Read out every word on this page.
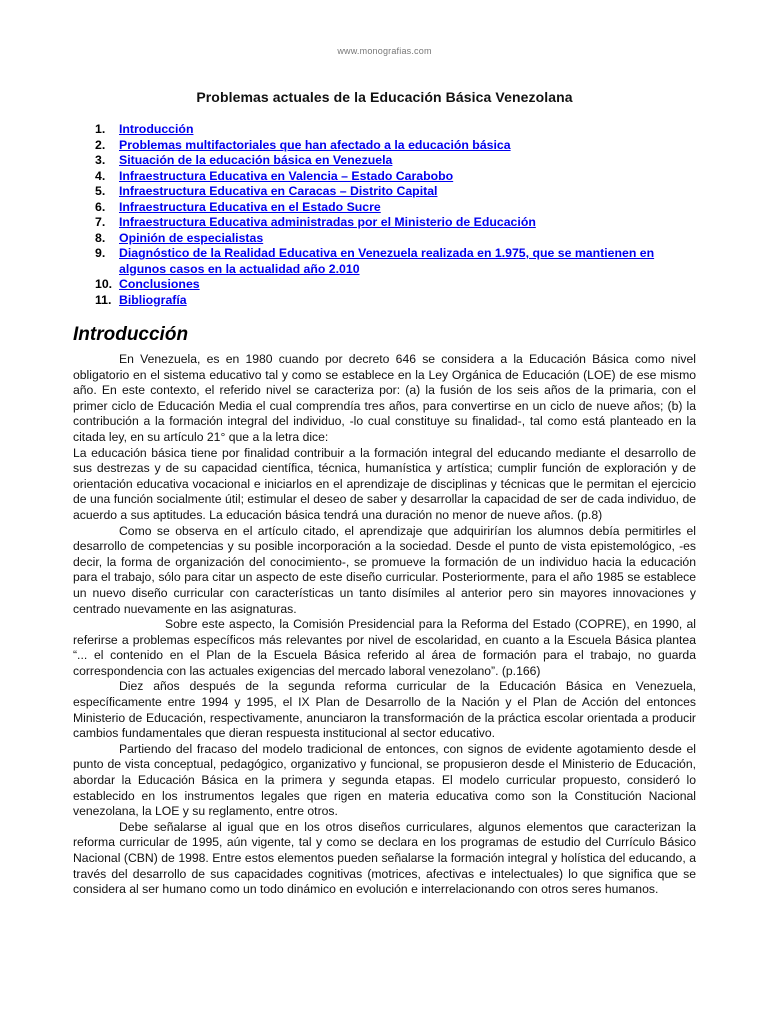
www.monografias.com
Problemas actuales de la Educación Básica Venezolana
1.	Introducción
2.	Problemas multifactoriales que han afectado a la educación básica
3.	Situación de la educación básica en Venezuela
4.	Infraestructura Educativa en Valencia – Estado Carabobo
5.	Infraestructura Educativa en Caracas – Distrito Capital
6.	Infraestructura Educativa en el Estado Sucre
7.	Infraestructura Educativa administradas por el Ministerio de Educación
8.	Opinión de especialistas
9.	Diagnóstico de la Realidad Educativa en Venezuela realizada en 1.975, que se mantienen en algunos casos en la actualidad año 2.010
10. Conclusiones
11. Bibliografía
Introducción

En Venezuela, es en 1980 cuando por decreto 646 se considera a la Educación Básica como nivel obligatorio en el sistema educativo tal y como se establece en la Ley Orgánica de Educación (LOE) de ese mismo año. En este contexto, el referido nivel se caracteriza por: (a) la fusión de los seis años de la primaria, con el primer ciclo de Educación Media el cual comprendía tres años, para convertirse en un ciclo de nueve años; (b) la contribución a la formación integral del individuo, -lo cual constituye su finalidad-, tal como está planteado en la citada ley, en su artículo 21° que a la letra dice:

La educación básica tiene por finalidad contribuir a la formación integral del educando mediante el desarrollo de sus destrezas y de su capacidad científica, técnica, humanística y artística; cumplir función de exploración y de orientación educativa vocacional e iniciarlos en el aprendizaje de disciplinas y técnicas que le permitan el ejercicio de una función socialmente útil; estimular el deseo de saber y desarrollar la capacidad de ser de cada individuo, de acuerdo a sus aptitudes. La educación básica tendrá una duración no menor de nueve años. (p.8)

Como se observa en el artículo citado, el aprendizaje que adquirirían los alumnos debía permitirles el desarrollo de competencias y su posible incorporación a la sociedad. Desde el punto de vista epistemológico, -es decir, la forma de organización del conocimiento-, se promueve la formación de un individuo hacia la educación para el trabajo, sólo para citar un aspecto de este diseño curricular. Posteriormente, para el año 1985 se establece un nuevo diseño curricular con características un tanto disímiles al anterior pero sin mayores innovaciones y centrado nuevamente en las asignaturas.

Sobre este aspecto, la Comisión Presidencial para la Reforma del Estado (COPRE), en 1990, al referirse a problemas específicos más relevantes por nivel de escolaridad, en cuanto a la Escuela Básica plantea “... el contenido en el Plan de la Escuela Básica referido al área de formación para el trabajo, no guarda correspondencia con las actuales exigencias del mercado laboral venezolano”. (p.166)

Diez años después de la segunda reforma curricular de la Educación Básica en Venezuela, específicamente entre 1994 y 1995, el IX Plan de Desarrollo de la Nación y el Plan de Acción del entonces Ministerio de Educación, respectivamente, anunciaron la transformación de la práctica escolar orientada a producir cambios fundamentales que dieran respuesta institucional al sector educativo.

Partiendo del fracaso del modelo tradicional de entonces, con signos de evidente agotamiento desde el punto de vista conceptual, pedagógico, organizativo y funcional, se propusieron desde el Ministerio de Educación, abordar la Educación Básica en la primera y segunda etapas. El modelo curricular propuesto, consideró lo establecido en los instrumentos legales que rigen en materia educativa como son la Constitución Nacional venezolana, la LOE y su reglamento, entre otros.

Debe señalarse al igual que en los otros diseños curriculares, algunos elementos que caracterizan la reforma curricular de 1995, aún vigente, tal y como se declara en los programas de estudio del Currículo Básico Nacional (CBN) de 1998. Entre estos elementos pueden señalarse la formación integral y holística del educando, a través del desarrollo de sus capacidades cognitivas (motrices, afectivas e intelectuales) lo que significa que se considera al ser humano como un todo dinámico en evolución e interrelacionando con otros seres humanos.
